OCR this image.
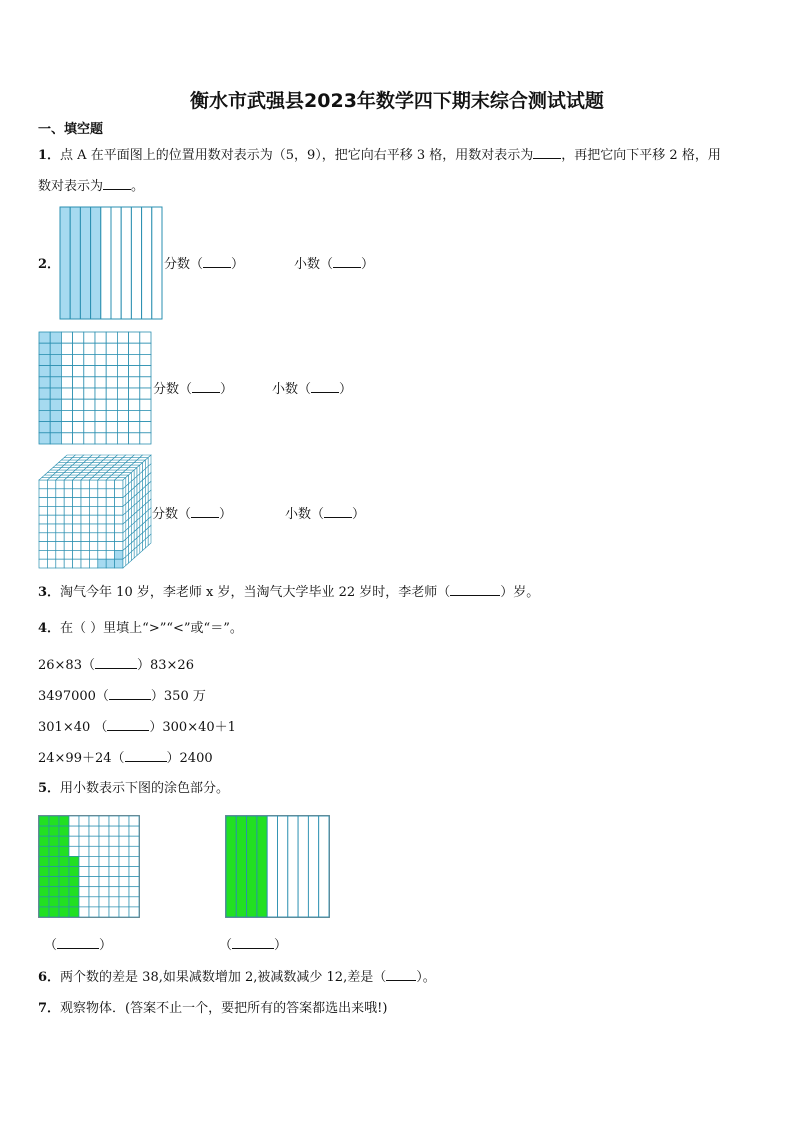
衡水市武强县2023年数学四下期末综合测试试题
一、填空题
1．点 A 在平面图上的位置用数对表示为（5，9），把它向右平移 3 格，用数对表示为 ，再把它向下平移 2 格，用
数对表示为 。
2．	分数（ ）	小数（ ）
分数（ ）	小数（ ）
分数（ ）	小数（ ）
3．淘气今年 10 岁，李老师 x 岁，当淘气大学毕业 22 岁时，李老师（	）岁。
4．在（ ）里填上“>”“<”或“＝”。
26×83（	）83×26
3497000（	）350 万
301×40 （	）300×40＋1
24×99＋24（	）2400
5．用小数表示下图的涂色部分。
（	）	（	）
6．两个数的差是 38,如果减数增加 2,被减数减少 12,差是（ ）。
7．观察物体．(答案不止一个，要把所有的答案都选出来哦!)
